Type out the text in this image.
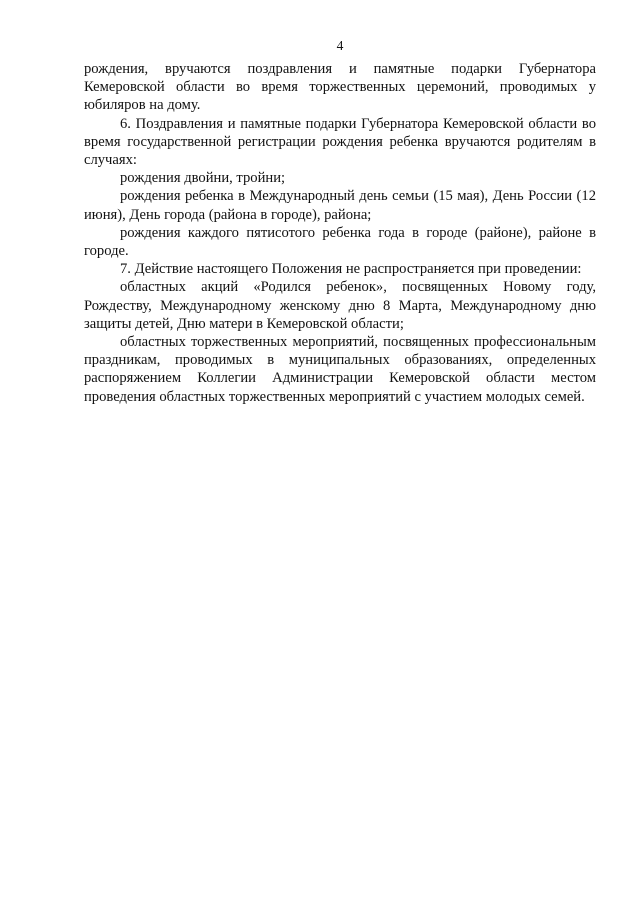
4

рождения, вручаются поздравления и памятные подарки Губернатора Кемеровской области во время торжественных церемоний, проводимых у юбиляров на дому.

6. Поздравления и памятные подарки Губернатора Кемеровской области во время государственной регистрации рождения ребенка вручаются родителям в случаях:

рождения двойни, тройни;

рождения ребенка в Международный день семьи (15 мая), День России (12 июня), День города (района в городе), района;

рождения каждого пятисотого ребенка года в городе (районе), районе в городе.

7. Действие настоящего Положения не распространяется при проведении:

областных акций «Родился ребенок», посвященных Новому году, Рождеству, Международному женскому дню 8 Марта, Международному дню защиты детей, Дню матери в Кемеровской области;

областных торжественных мероприятий, посвященных профессиональным праздникам, проводимых в муниципальных образованиях, определенных распоряжением Коллегии Администрации Кемеровской области местом проведения областных торжественных мероприятий с участием молодых семей.
